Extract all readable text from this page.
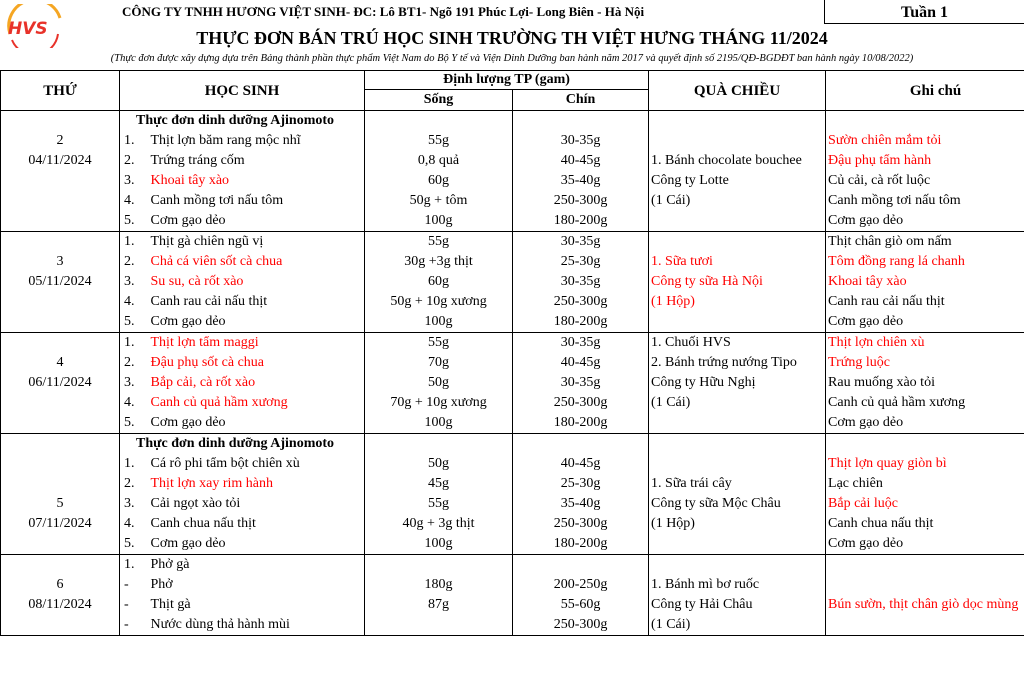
HVS
CÔNG TY TNHH HƯƠNG VIỆT SINH- ĐC: Lô BT1- Ngõ 191 Phúc Lợi- Long Biên - Hà Nội	Tuần 1
THỰC ĐƠN BÁN TRÚ HỌC SINH TRƯỜNG TH VIỆT HƯNG THÁNG 11/2024
(Thực đơn được xây dựng dựa trên Bảng thành phần thực phẩm Việt Nam do Bộ Y tế và Viện Dinh Dưỡng ban hành năm 2017 và quyết định số 2195/QĐ-BGDĐT ban hành ngày 10/08/2022)
THỨ	HỌC SINH		Định lượng TP (gam)		QUÀ CHIỀU	Ghi chú
			Sống	Chín		
	Thực đơn dinh dưỡng Ajinomoto					
2	1.	Thịt lợn băm rang mộc nhĩ	55g	30-35g		Sườn chiên mắm tỏi
04/11/2024	2.	Trứng tráng cốm	0,8 quả	40-45g	1. Bánh chocolate bouchee	Đậu phụ tẩm hành
	3.	Khoai tây xào	60g	35-40g	Công ty Lotte	Củ cải, cà rốt luộc
	4.	Canh mồng tơi nấu tôm	50g + tôm	250-300g	(1 Cái)	Canh mồng tơi nấu tôm
	5.	Cơm gạo dẻo	100g	180-200g		Cơm gạo dẻo
	1.	Thịt gà chiên ngũ vị	55g	30-35g		Thịt chân giò om nấm
3	2.	Chả cá viên sốt cà chua	30g +3g thịt	25-30g	1. Sữa tươi	Tôm đồng rang lá chanh
05/11/2024	3.	Su su, cà rốt xào	60g	30-35g	Công ty sữa Hà Nội	Khoai tây xào
	4.	Canh rau cải nấu thịt	50g + 10g xương	250-300g	(1 Hộp)	Canh rau cải nấu thịt
	5.	Cơm gạo dẻo	100g	180-200g		Cơm gạo dẻo
	1.	Thịt lợn tẩm maggi	55g	30-35g	1. Chuối HVS	Thịt lợn chiên xù
4	2.	Đậu phụ sốt cà chua	70g	40-45g	2. Bánh trứng nướng Tipo	Trứng luộc
06/11/2024	3.	Bắp cải, cà rốt xào	50g	30-35g	Công ty Hữu Nghị	Rau muống xào tỏi
	4.	Canh củ quả hầm xương	70g + 10g xương	250-300g	(1 Cái)	Canh củ quả hầm xương
	5.	Cơm gạo dẻo	100g	180-200g		Cơm gạo dẻo
	Thực đơn dinh dưỡng Ajinomoto					
	1.	Cá rô phi tẩm bột chiên xù	50g	40-45g		Thịt lợn quay giòn bì
	2.	Thịt lợn xay rim hành	45g	25-30g	1. Sữa trái cây	Lạc chiên
5	3.	Cải ngọt xào tỏi	55g	35-40g	Công ty sữa Mộc Châu	Bắp cải luộc
07/11/2024	4.	Canh chua nấu thịt	40g + 3g thịt	250-300g	(1 Hộp)	Canh chua nấu thịt
	5.	Cơm gạo dẻo	100g	180-200g		Cơm gạo dẻo
	1.	Phở gà				
6	-	Phở	180g	200-250g	1. Bánh mì bơ ruốc	
08/11/2024	-	Thịt gà	87g	55-60g	Công ty Hải Châu	Bún sườn, thịt chân giò dọc mùng
	-	Nước dùng thả hành mùi		250-300g	(1 Cái)	
